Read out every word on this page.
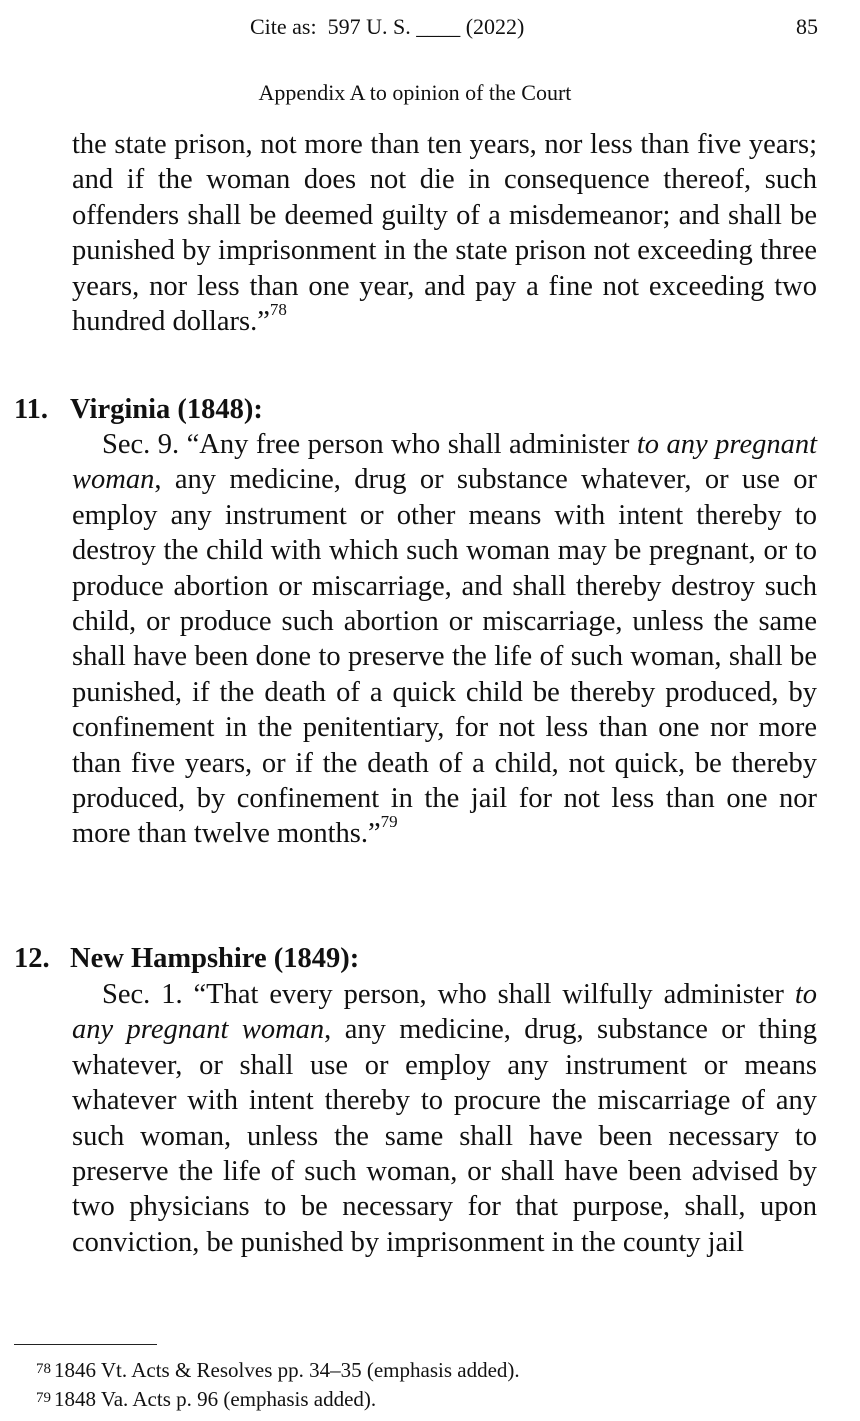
Cite as:  597 U. S. ____ (2022)	85
Appendix A to opinion of the Court

the state prison, not more than ten years, nor less than five years; and if the woman does not die in consequence thereof, such offenders shall be deemed guilty of a misdemeanor; and shall be punished by imprisonment in the state prison not exceeding three years, nor less than one year, and pay a fine not exceeding two hundred dollars.”$^{78}$

11. Virginia (1848):

Sec. 9. “Any free person who shall administer to any pregnant woman, any medicine, drug or substance whatever, or use or employ any instrument or other means with intent thereby to destroy the child with which such woman may be pregnant, or to produce abortion or miscarriage, and shall thereby destroy such child, or produce such abortion or miscarriage, unless the same shall have been done to preserve the life of such woman, shall be punished, if the death of a quick child be thereby produced, by confinement in the penitentiary, for not less than one nor more than five years, or if the death of a child, not quick, be thereby produced, by confinement in the jail for not less than one nor more than twelve months.”$^{79}$

12. New Hampshire (1849):

Sec. 1. “That every person, who shall wilfully administer to any pregnant woman, any medicine, drug, substance or thing whatever, or shall use or employ any instrument or means whatever with intent thereby to procure the miscarriage of any such woman, unless the same shall have been necessary to preserve the life of such woman, or shall have been advised by two physicians to be necessary for that purpose, shall, upon conviction, be punished by imprisonment in the county jail

$^{78}$ 1846 Vt. Acts & Resolves pp. 34–35 (emphasis added).
$^{79}$ 1848 Va. Acts p. 96 (emphasis added).
